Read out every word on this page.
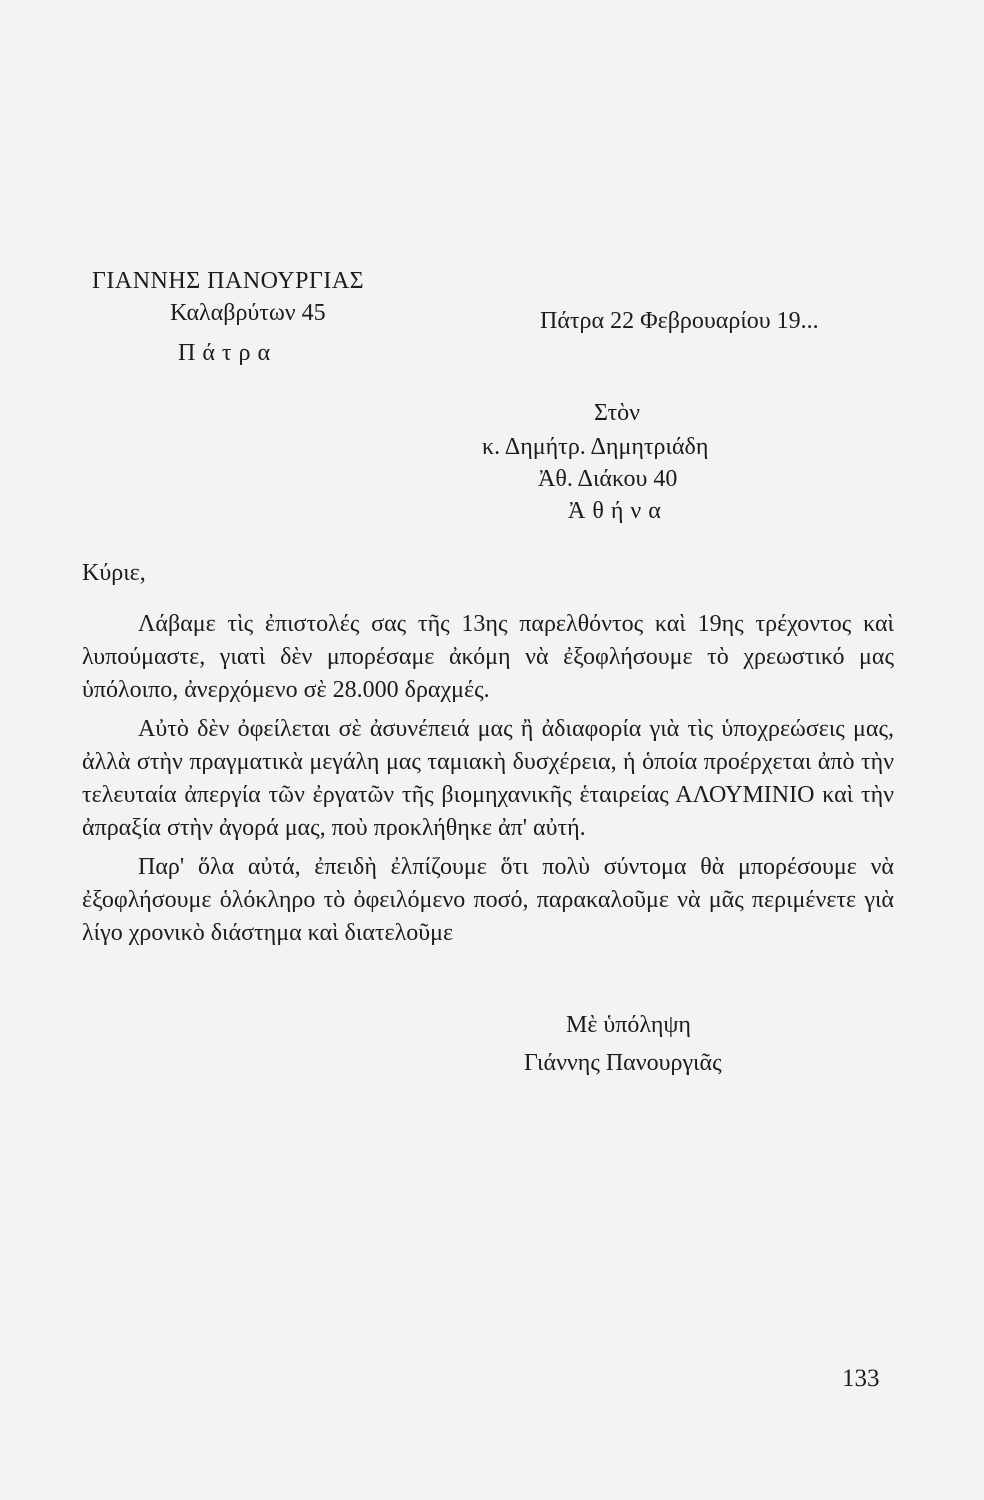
ΓΙΑΝΝΗΣ ΠΑΝΟΥΡΓΙΑΣ
Καλαβρύτων 45
Πάτρα
Πάτρα 22 Φεβρουαρίου 19...
Στὸν
κ. Δημήτρ. Δημητριάδη
Ἀθ. Διάκου 40
Ἀθήνα
Κύριε,

Λάβαμε τὶς ἐπιστολές σας τῆς 13ης παρελθόντος καὶ 19ης τρέχοντος καὶ λυπούμαστε, γιατὶ δὲν μπορέσαμε ἀκόμη νὰ ἐξοφλήσουμε τὸ χρεωστικό μας ὑπόλοιπο, ἀνερχόμενο σὲ 28.000 δραχμές.

Αὐτὸ δὲν ὀφείλεται σὲ ἀσυνέπειά μας ἢ ἀδιαφορία γιὰ τὶς ὑποχρεώσεις μας, ἀλλὰ στὴν πραγματικὰ μεγάλη μας ταμιακὴ δυσχέρεια, ἡ ὁποία προέρχεται ἀπὸ τὴν τελευταία ἀπεργία τῶν ἐργατῶν τῆς βιομηχανικῆς ἑταιρείας ΑΛΟΥΜΙΝΙΟ καὶ τὴν ἀπραξία στὴν ἀγορά μας, ποὺ προκλήθηκε ἀπ' αὐτή.

Παρ' ὅλα αὐτά, ἐπειδὴ ἐλπίζουμε ὅτι πολὺ σύντομα θὰ μπορέσουμε νὰ ἐξοφλήσουμε ὁλόκληρο τὸ ὀφειλόμενο ποσό, παρακαλοῦμε νὰ μᾶς περιμένετε γιὰ λίγο χρονικὸ διάστημα καὶ διατελοῦμε

Μὲ ὑπόληψη
Γιάννης Πανουργιᾶς
133
